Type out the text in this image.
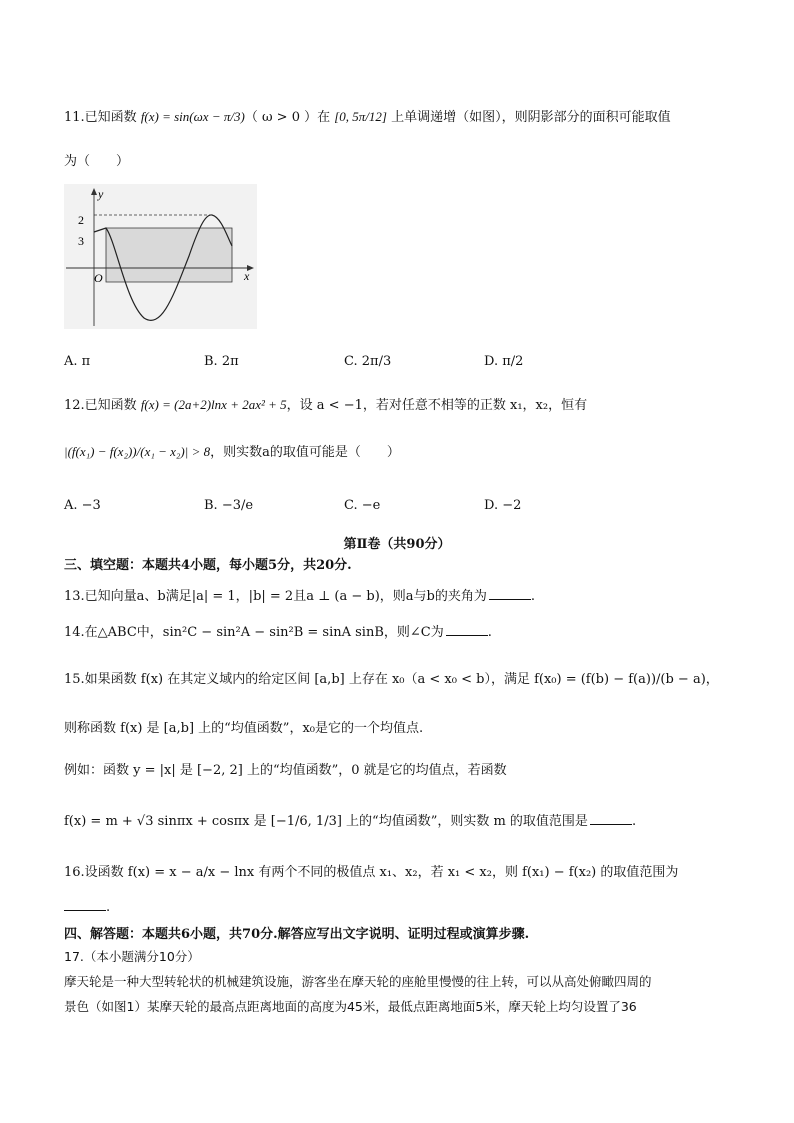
11.已知函数 f(x) = sin(ωx − π/3)（ ω > 0 ）在 [0, 5π/12] 上单调递增（如图），则阴影部分的面积可能取值
为（　　）
y
x
O
2
3
A. π	B. 2π	C. 2π/3	D. π/2
12.已知函数 f(x) = (2a+2)lnx + 2ax² + 5，设 a < −1，若对任意不相等的正数 x₁，x₂，恒有
|(f(x₁) − f(x₂))/(x₁ − x₂)| > 8，则实数a的取值可能是（　　）
A. −3	B. −3/e	C. −e	D. −2
第Ⅱ卷（共90分）
三、填空题：本题共4小题，每小题5分，共20分.
13.已知向量a、b满足|a| = 1，|b| = 2且a ⊥ (a − b)，则a与b的夹角为	.
14.在△ABC中，sin²C − sin²A − sin²B = sinA sinB，则∠C为	.
15.如果函数 f(x) 在其定义域内的给定区间 [a,b] 上存在 x₀（a < x₀ < b），满足 f(x₀) = (f(b) − f(a))/(b − a)，
则称函数 f(x) 是 [a,b] 上的“均值函数”，x₀是它的一个均值点.
例如：函数 y = |x| 是 [−2, 2] 上的“均值函数”，0 就是它的均值点，若函数
f(x) = m + √3 sinπx + cosπx 是 [−1/6, 1/3] 上的“均值函数”，则实数 m 的取值范围是	.
16.设函数 f(x) = x − a/x − lnx 有两个不同的极值点 x₁、x₂，若 x₁ < x₂，则 f(x₁) − f(x₂) 的取值范围为
.
四、解答题：本题共6小题，共70分.解答应写出文字说明、证明过程或演算步骤.
17.（本小题满分10分）
摩天轮是一种大型转轮状的机械建筑设施，游客坐在摩天轮的座舱里慢慢的往上转，可以从高处俯瞰四周的
景色（如图1）某摩天轮的最高点距离地面的高度为45米，最低点距离地面5米，摩天轮上均匀设置了36
